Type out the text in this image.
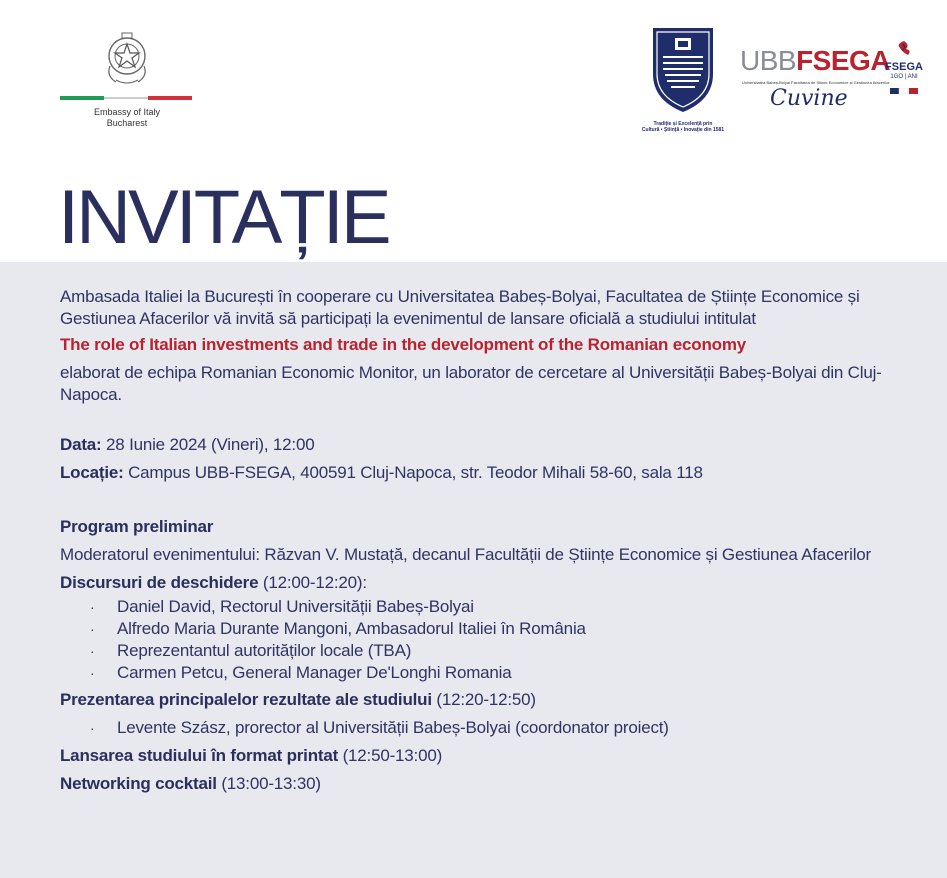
Embassy of Italy
Bucharest	Tradiție și Excelență prin
Cultură • Știință • Inovație din 1581
UBBFSEGA
Universitatea Babeș-Bolyai Facultatea de Științe Economice și Gestiunea Afacerilor
Cuvine
FSEGA
1GO | ANI
INVITAȚIE

Ambasada Italiei la București în cooperare cu Universitatea Babeș-Bolyai, Facultatea de Științe Economice și Gestiunea Afacerilor vă invită să participați la evenimentul de lansare oficială a studiului intitulat

The role of Italian investments and trade in the development of the Romanian economy

elaborat de echipa Romanian Economic Monitor, un laborator de cercetare al Universității Babeș-Bolyai din Cluj-Napoca.

Data: 28 Iunie 2024 (Vineri), 12:00

Locație: Campus UBB-FSEGA, 400591 Cluj-Napoca, str. Teodor Mihali 58-60, sala 118

Program preliminar

Moderatorul evenimentului: Răzvan V. Mustață, decanul Facultății de Științe Economice și Gestiunea Afacerilor

Discursuri de deschidere (12:00-12:20):

· Daniel David, Rectorul Universității Babeș-Bolyai
· Alfredo Maria Durante Mangoni, Ambasadorul Italiei în România
· Reprezentantul autorităților locale (TBA)
· Carmen Petcu, General Manager De'Longhi Romania

Prezentarea principalelor rezultate ale studiului (12:20-12:50)

· Levente Szász, prorector al Universității Babeș-Bolyai (coordonator proiect)

Lansarea studiului în format printat (12:50-13:00)

Networking cocktail (13:00-13:30)
